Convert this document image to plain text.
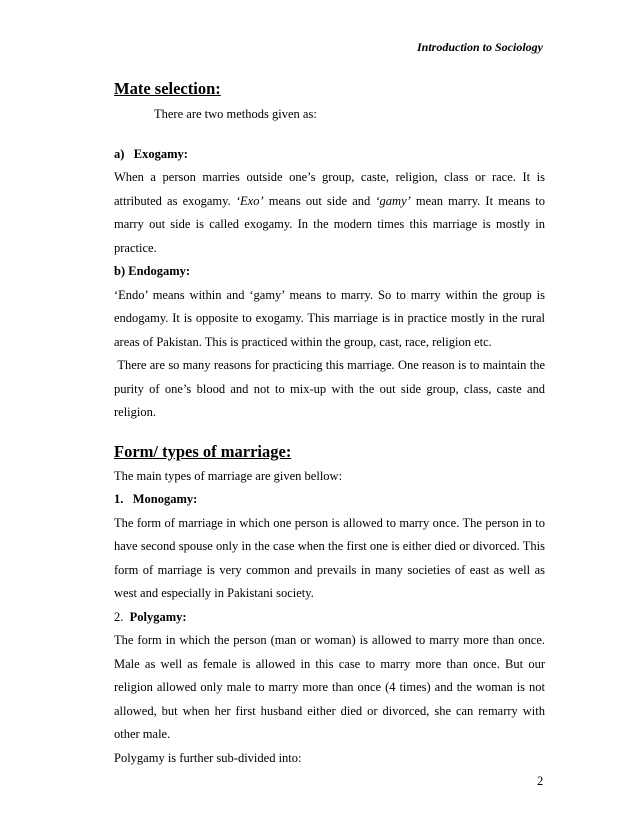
Introduction to Sociology
Mate selection:

There are two methods given as:

a)   Exogamy:

When a person marries outside one’s group, caste, religion, class or race. It is attributed as exogamy. ‘Exo’ means out side and ‘gamy’ mean marry. It means to marry out side is called exogamy. In the modern times this marriage is mostly in practice.

b) Endogamy:

‘Endo’ means within and ‘gamy’ means to marry. So to marry within the group is endogamy. It is opposite to exogamy. This marriage is in practice mostly in the rural areas of Pakistan. This is practiced within the group, cast, race, religion etc.

There are so many reasons for practicing this marriage. One reason is to maintain the purity of one’s blood and not to mix-up with the out side group, class, caste and religion.

Form/ types of marriage:

The main types of marriage are given bellow:

1.   Monogamy:

The form of marriage in which one person is allowed to marry once. The person in to have second spouse only in the case when the first one is either died or divorced. This form of marriage is very common and prevails in many societies of east as well as west and especially in Pakistani society.

2.  Polygamy:

The form in which the person (man or woman) is allowed to marry more than once. Male as well as female is allowed in this case to marry more than once. But our religion allowed only male to marry more than once (4 times) and the woman is not allowed, but when her first husband either died or divorced, she can remarry with other male.

Polygamy is further sub-divided into:

2
